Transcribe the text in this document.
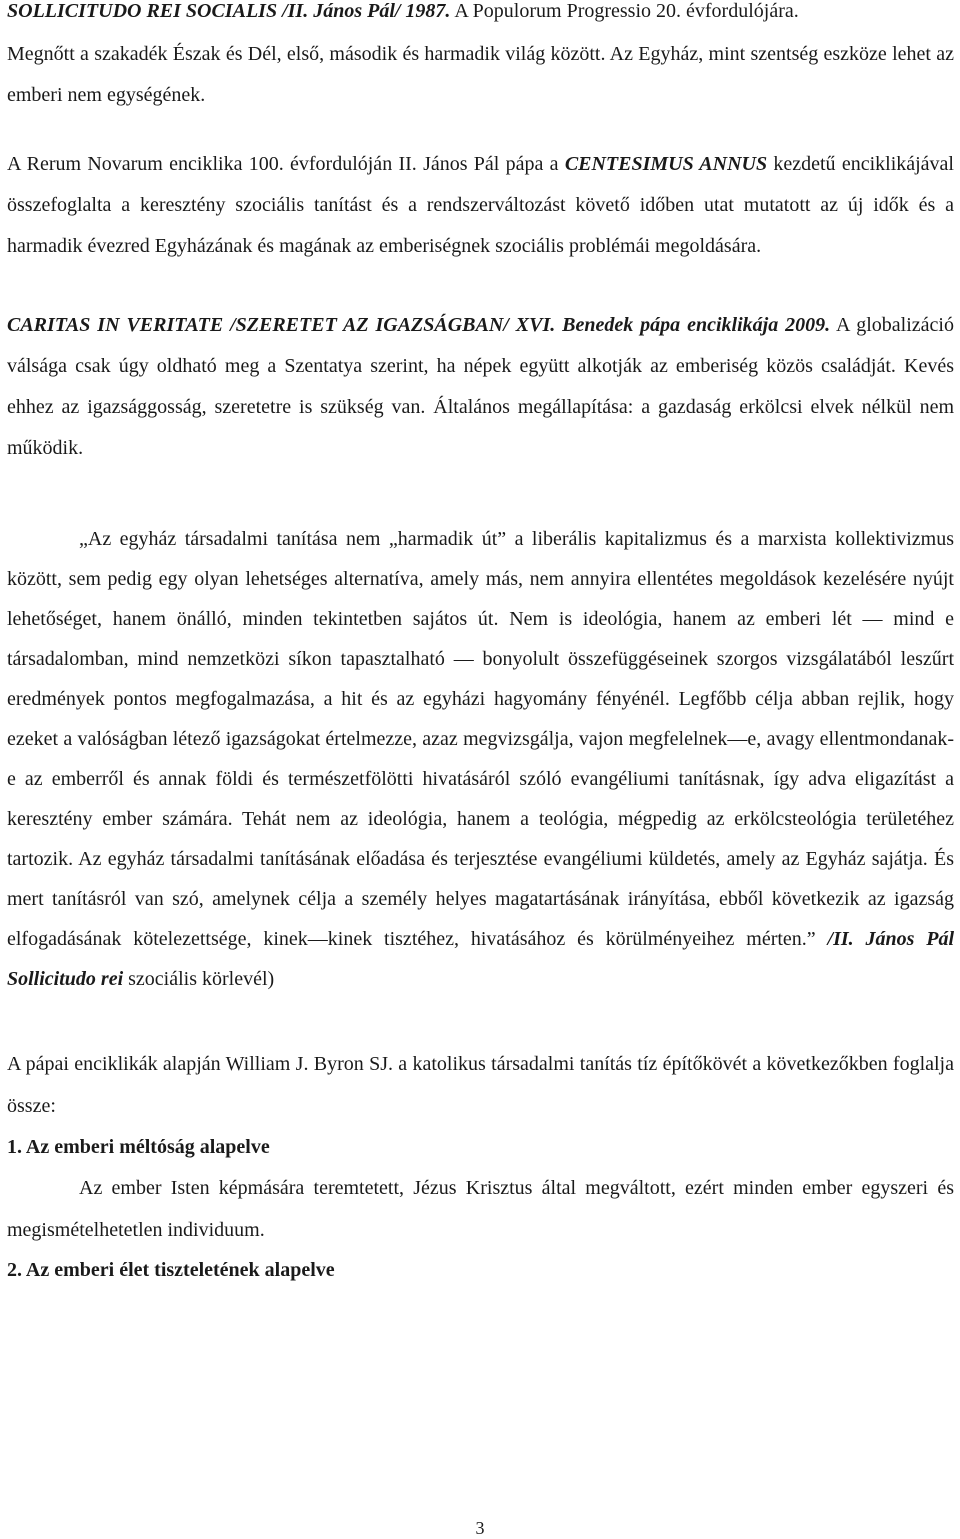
SOLLICITUDO REI SOCIALIS /II. János Pál/ 1987. A Populorum Progressio 20. évfordulójára.

Megnőtt a szakadék Észak és Dél, első, második és harmadik világ között. Az Egyház, mint szentség eszköze lehet az emberi nem egységének.

A Rerum Novarum enciklika 100. évfordulóján II. János Pál pápa a CENTESIMUS ANNUS kezdetű enciklikájával összefoglalta a keresztény szociális tanítást és a rendszerváltozást követő időben utat mutatott az új idők és a harmadik évezred Egyházának és magának az emberiségnek szociális problémái megoldására.

CARITAS IN VERITATE /SZERETET AZ IGAZSÁGBAN/ XVI. Benedek pápa enciklikája 2009. A globalizáció válsága csak úgy oldható meg a Szentatya szerint, ha népek együtt alkotják az emberiség közös családját. Kevés ehhez az igazsággosság, szeretetre is szükség van. Általános megállapítása: a gazdaság erkölcsi elvek nélkül nem működik.

„Az egyház társadalmi tanítása nem „harmadik út” a liberális kapitalizmus és a marxista kollektivizmus között, sem pedig egy olyan lehetséges alternatíva, amely más, nem annyira ellentétes megoldások kezelésére nyújt lehetőséget, hanem önálló, minden tekintetben sajátos út. Nem is ideológia, hanem az emberi lét — mind e társadalomban, mind nemzetközi síkon tapasztalható — bonyolult összefüggéseinek szorgos vizsgálatából leszűrt eredmények pontos megfogalmazása, a hit és az egyházi hagyomány fényénél. Legfőbb célja abban rejlik, hogy ezeket a valóságban létező igazságokat értelmezze, azaz megvizsgálja, vajon megfelelnek—e, avagy ellentmondanak-e az emberről és annak földi és természetfölötti hivatásáról szóló evangéliumi tanításnak, így adva eligazítást a keresztény ember számára. Tehát nem az ideológia, hanem a teológia, mégpedig az erkölcsteológia területéhez tartozik. Az egyház társadalmi tanításának előadása és terjesztése evangéliumi küldetés, amely az Egyház sajátja. És mert tanításról van szó, amelynek célja a személy helyes magatartásának irányítása, ebből következik az igazság elfogadásának kötelezettsége, kinek—kinek tisztéhez, hivatásához és körülményeihez mérten.” /II. János Pál Sollicitudo rei szociális körlevél)

A pápai enciklikák alapján William J. Byron SJ. a katolikus társadalmi tanítás tíz építőkövét a következőkben foglalja össze:

1. Az emberi méltóság alapelve

Az ember Isten képmására teremtetett, Jézus Krisztus által megváltott, ezért minden ember egyszeri és megismételhetetlen individuum.

2. Az emberi élet tiszteletének alapelve

3
